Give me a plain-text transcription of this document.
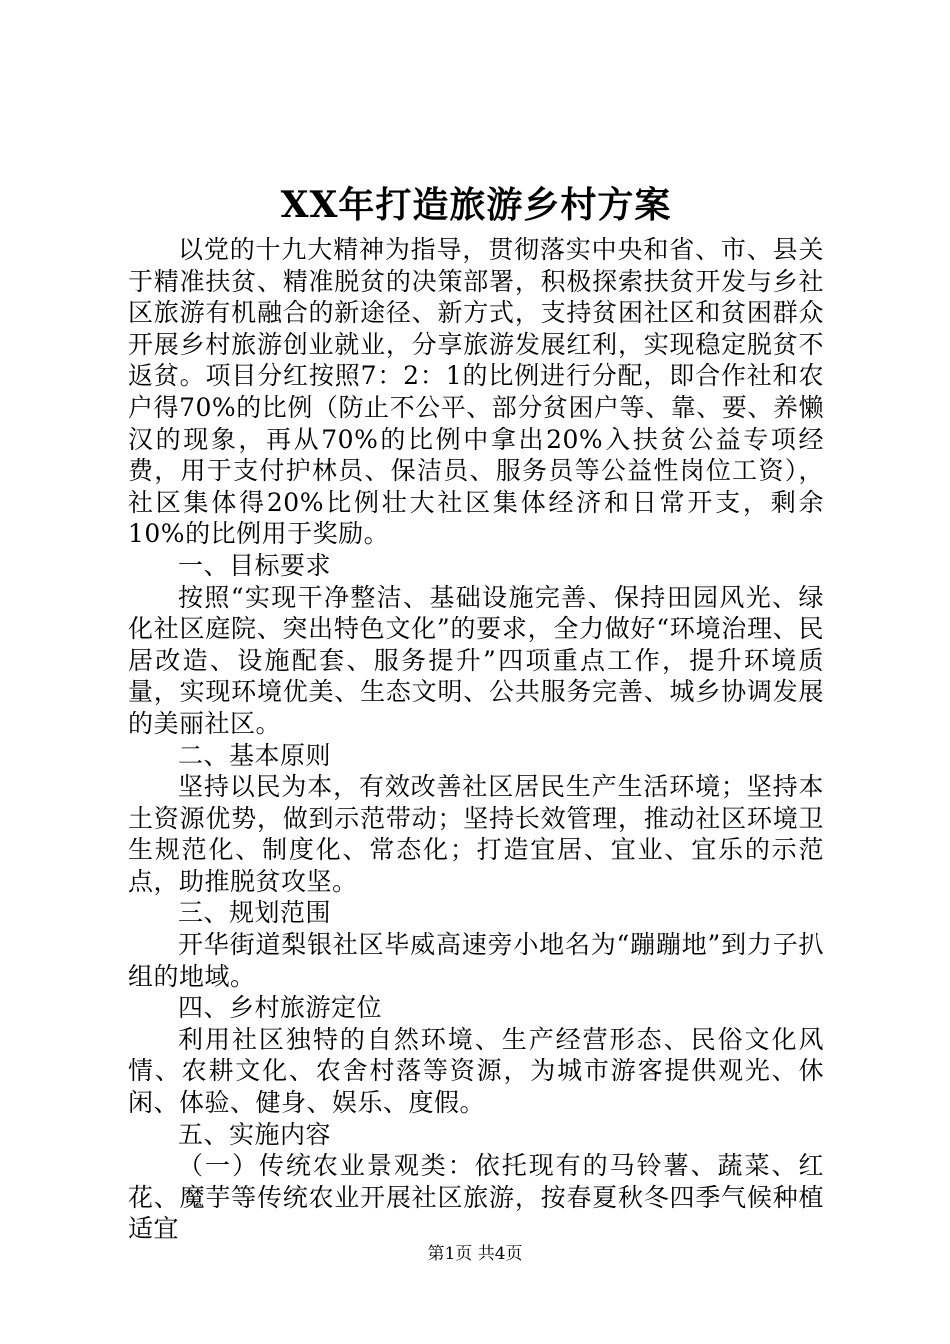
XX年打造旅游乡村方案

以党的十九大精神为指导，贯彻落实中央和省、市、县关于精准扶贫、精准脱贫的决策部署，积极探索扶贫开发与乡社区旅游有机融合的新途径、新方式，支持贫困社区和贫困群众开展乡村旅游创业就业，分享旅游发展红利，实现稳定脱贫不返贫。项目分红按照7：2：1的比例进行分配，即合作社和农户得70%的比例（防止不公平、部分贫困户等、靠、要、养懒汉的现象，再从70%的比例中拿出20%入扶贫公益专项经费，用于支付护林员、保洁员、服务员等公益性岗位工资），社区集体得20%比例壮大社区集体经济和日常开支，剩余10%的比例用于奖励。

一、目标要求

按照“实现干净整洁、基础设施完善、保持田园风光、绿化社区庭院、突出特色文化”的要求，全力做好“环境治理、民居改造、设施配套、服务提升”四项重点工作，提升环境质量，实现环境优美、生态文明、公共服务完善、城乡协调发展的美丽社区。

二、基本原则

坚持以民为本，有效改善社区居民生产生活环境；坚持本土资源优势，做到示范带动；坚持长效管理，推动社区环境卫生规范化、制度化、常态化；打造宜居、宜业、宜乐的示范点，助推脱贫攻坚。

三、规划范围

开华街道梨银社区毕威高速旁小地名为“蹦蹦地”到力子扒组的地域。

四、乡村旅游定位

利用社区独特的自然环境、生产经营形态、民俗文化风情、农耕文化、农舍村落等资源，为城市游客提供观光、休闲、体验、健身、娱乐、度假。

五、实施内容

（一）传统农业景观类：依托现有的马铃薯、蔬菜、红花、魔芋等传统农业开展社区旅游，按春夏秋冬四季气候种植适宜

第1页 共4页
